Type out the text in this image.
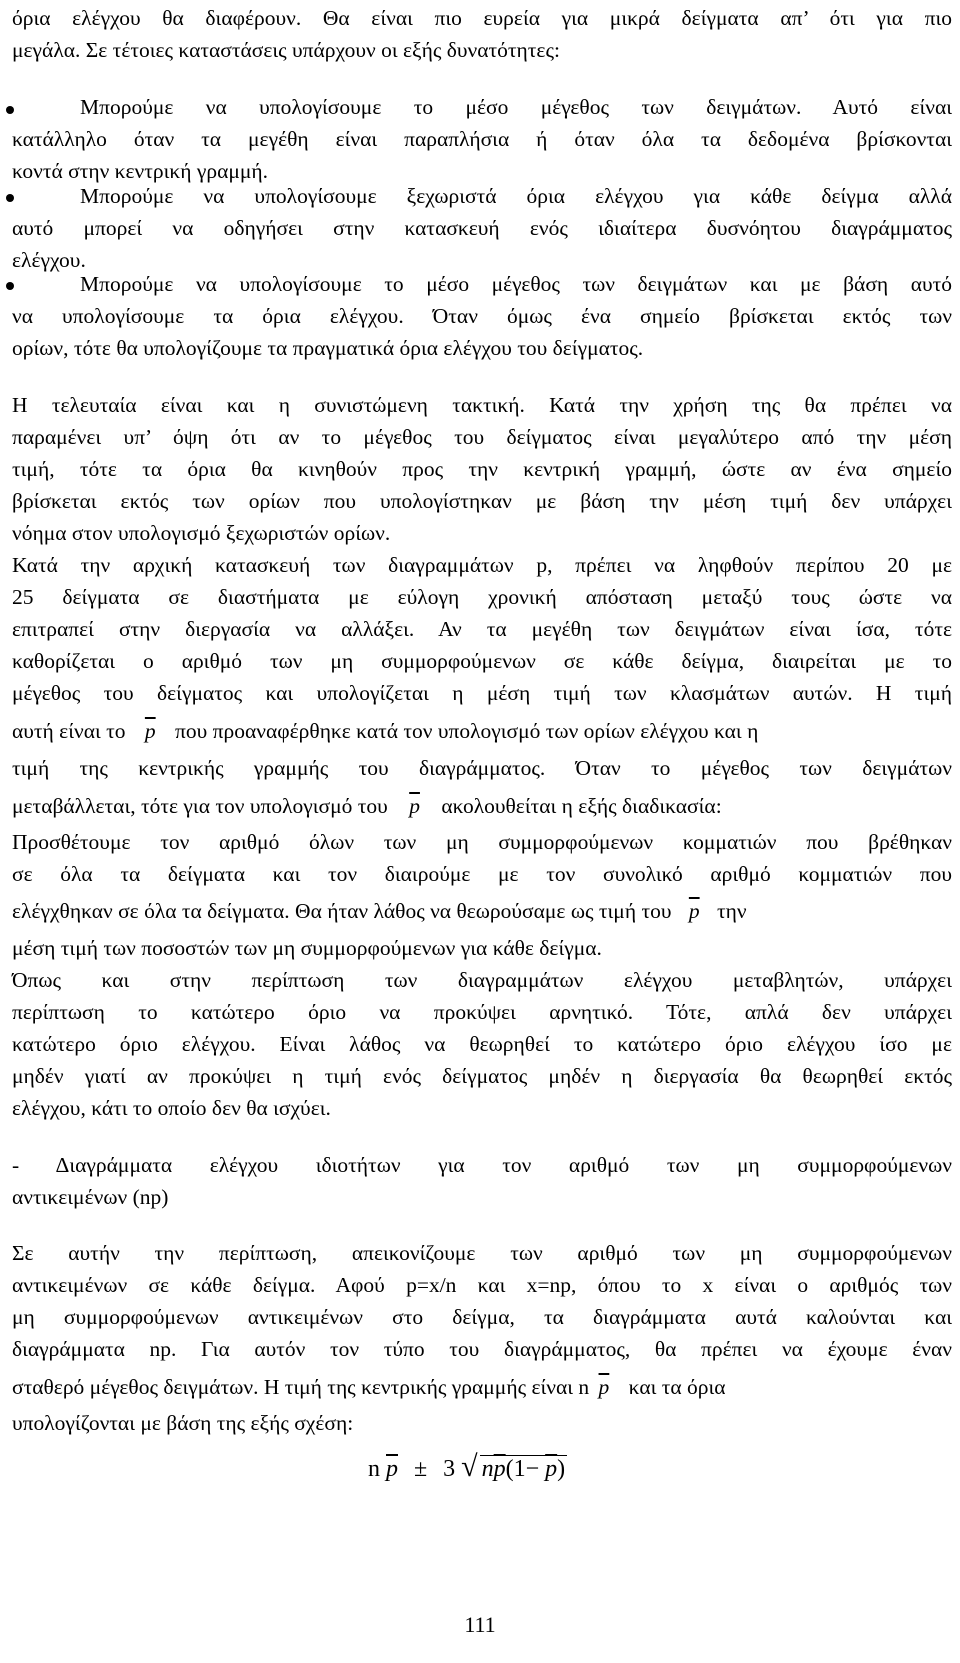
όρια ελέγχου θα διαφέρουν. Θα είναι πιο ευρεία για μικρά δείγματα απ’ ότι για πιο
μεγάλα. Σε τέτοιες καταστάσεις υπάρχουν οι εξής δυνατότητες:
Μπορούμε να υπολογίσουμε το μέσο μέγεθος των δειγμάτων. Αυτό είναι
κατάλληλο όταν τα μεγέθη είναι παραπλήσια ή όταν όλα τα δεδομένα βρίσκονται
κοντά στην κεντρική γραμμή.
Μπορούμε να υπολογίσουμε ξεχωριστά όρια ελέγχου για κάθε δείγμα αλλά
αυτό μπορεί να οδηγήσει στην κατασκευή ενός ιδιαίτερα δυσνόητου διαγράμματος
ελέγχου.
Μπορούμε να υπολογίσουμε το μέσο μέγεθος των δειγμάτων και με βάση αυτό
να υπολογίσουμε τα όρια ελέγχου. Όταν όμως ένα σημείο βρίσκεται εκτός των
ορίων, τότε θα υπολογίζουμε τα πραγματικά όρια ελέγχου του δείγματος.
Η τελευταία είναι και η συνιστώμενη τακτική. Κατά την χρήση της θα πρέπει να
παραμένει υπ’ όψη ότι αν το μέγεθος του δείγματος είναι μεγαλύτερο από την μέση
τιμή, τότε τα όρια θα κινηθούν προς την κεντρική γραμμή, ώστε αν ένα σημείο
βρίσκεται εκτός των ορίων που υπολογίστηκαν με βάση την μέση τιμή δεν υπάρχει
νόημα στον υπολογισμό ξεχωριστών ορίων.
Κατά την αρχική κατασκευή των διαγραμμάτων p, πρέπει να ληφθούν περίπου 20 με
25 δείγματα σε διαστήματα με εύλογη χρονική απόσταση μεταξύ τους ώστε να
επιτραπεί στην διεργασία να αλλάξει. Αν τα μεγέθη των δειγμάτων είναι ίσα, τότε
καθορίζεται ο αριθμό των μη συμμορφούμενων σε κάθε δείγμα, διαιρείται με το
μέγεθος του δείγματος και υπολογίζεται η μέση τιμή των κλασμάτων αυτών. Η τιμή
αυτή είναι το $\overline{p}$ που προαναφέρθηκε κατά τον υπολογισμό των ορίων ελέγχου και η
τιμή της κεντρικής γραμμής του διαγράμματος. Όταν το μέγεθος των δειγμάτων
μεταβάλλεται, τότε για τον υπολογισμό του $\overline{p}$ ακολουθείται η εξής διαδικασία:
Προσθέτουμε τον αριθμό όλων των μη συμμορφούμενων κομματιών που βρέθηκαν
σε όλα τα δείγματα και τον διαιρούμε με τον συνολικό αριθμό κομματιών που
ελέγχθηκαν σε όλα τα δείγματα. Θα ήταν λάθος να θεωρούσαμε ως τιμή του $\overline{p}$ την
μέση τιμή των ποσοστών των μη συμμορφούμενων για κάθε δείγμα.
Όπως και στην περίπτωση των διαγραμμάτων ελέγχου μεταβλητών, υπάρχει
περίπτωση το κατώτερο όριο να προκύψει αρνητικό. Τότε, απλά δεν υπάρχει
κατώτερο όριο ελέγχου. Είναι λάθος να θεωρηθεί το κατώτερο όριο ελέγχου ίσο με
μηδέν γιατί αν προκύψει η τιμή ενός δείγματος μηδέν η διεργασία θα θεωρηθεί εκτός
ελέγχου, κάτι το οποίο δεν θα ισχύει.
- Διαγράμματα ελέγχου ιδιοτήτων για τον αριθμό των μη συμμορφούμενων
αντικειμένων (np)
Σε αυτήν την περίπτωση, απεικονίζουμε των αριθμό των μη συμμορφούμενων
αντικειμένων σε κάθε δείγμα. Αφού p=x/n και x=np, όπου το x είναι ο αριθμός των
μη συμμορφούμενων αντικειμένων στο δείγμα, τα διαγράμματα αυτά καλούνται και
διαγράμματα np. Για αυτόν τον τύπο του διαγράμματος, θα πρέπει να έχουμε έναν
σταθερό μέγεθος δειγμάτων. Η τιμή της κεντρικής γραμμής είναι n $\overline{p}$ και τα όρια
υπολογίζονται με βάση της εξής σχέση:
n $\overline{p} \pm 3$ √ $n\overline{p}(1- \overline{p})$
111
